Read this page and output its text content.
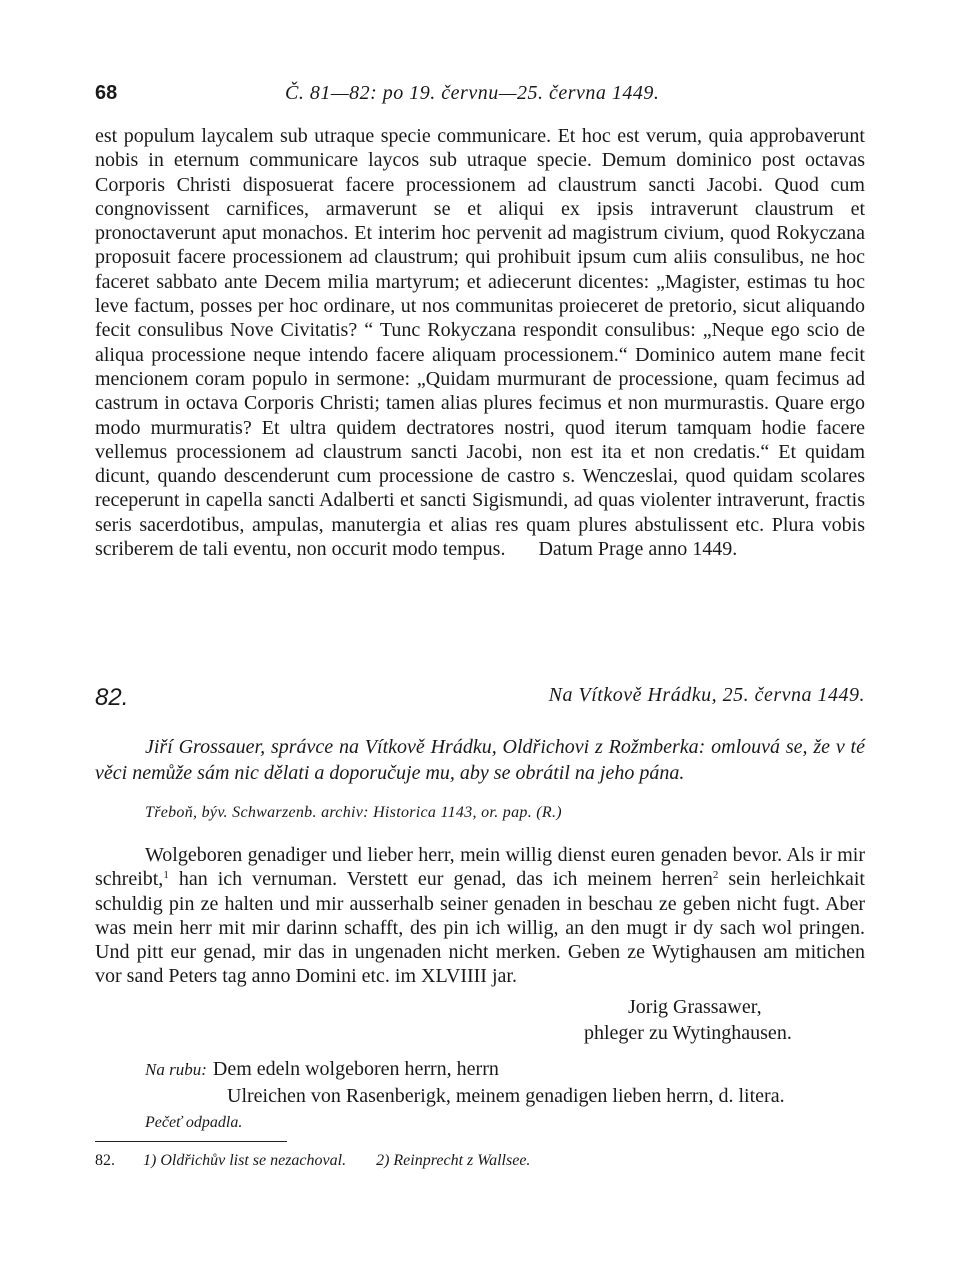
68	Č. 81—82: po 19. červnu—25. června 1449.

est populum laycalem sub utraque specie communicare. Et hoc est verum, quia approbaverunt nobis in eternum communicare laycos sub utraque specie. Demum dominico post octavas Corporis Christi disposuerat facere processionem ad claustrum sancti Jacobi. Quod cum congnovissent carnifices, armaverunt se et aliqui ex ipsis intraverunt claustrum et pronoctaverunt aput monachos. Et interim hoc pervenit ad magistrum civium, quod Rokyczana proposuit facere processionem ad claustrum; qui prohibuit ipsum cum aliis consulibus, ne hoc faceret sabbato ante Decem milia martyrum; et adiecerunt dicentes: „Magister, estimas tu hoc leve factum, posses per hoc ordinare, ut nos communitas proieceret de pretorio, sicut aliquando fecit consulibus Nove Civitatis? “ Tunc Rokyczana respondit consulibus: „Neque ego scio de aliqua processione neque intendo facere aliquam processionem.“ Dominico autem mane fecit mencionem coram populo in sermone: „Quidam murmurant de processione, quam fecimus ad castrum in octava Corporis Christi; tamen alias plures fecimus et non murmurastis. Quare ergo modo murmuratis? Et ultra quidem dectratores nostri, quod iterum tamquam hodie facere vellemus processionem ad claustrum sancti Jacobi, non est ita et non credatis.“ Et quidam dicunt, quando descenderunt cum processione de castro s. Wenczeslai, quod quidam scolares receperunt in capella sancti Adalberti et sancti Sigismundi, ad quas violenter intraverunt, fractis seris sacerdotibus, ampulas, manutergia et alias res quam plures abstulissent etc. Plura vobis scriberem de tali eventu, non occurit modo tempus. Datum Prage anno 1449.

82.	Na Vítkově Hrádku, 25. června 1449.

Jiří Grossauer, správce na Vítkově Hrádku, Oldřichovi z Rožmberka: omlouvá se, že v té věci nemůže sám nic dělati a doporučuje mu, aby se obrátil na jeho pána.

Třeboň, býv. Schwarzenb. archiv: Historica 1143, or. pap. (R.)

Wolgeboren genadiger und lieber herr, mein willig dienst euren genaden bevor. Als ir mir schreibt,$^1$ han ich vernuman. Verstett eur genad, das ich meinem herren$^2$ sein herleichkait schuldig pin ze halten und mir ausserhalb seiner genaden in beschau ze geben nicht fugt. Aber was mein herr mit mir darinn schafft, des pin ich willig, an den mugt ir dy sach wol pringen. Und pitt eur genad, mir das in ungenaden nicht merken. Geben ze Wytighausen am mitichen vor sand Peters tag anno Domini etc. im XLVIIII jar.

Jorig Grassawer,
phleger zu Wytinghausen.
Na rubu: Dem edeln wolgeboren herrn, herrn
Ulreichen von Rasenberigk, meinem genadigen lieben herrn, d. litera.
Pečeť odpadla.
82. 1) Oldřichův list se nezachoval. 2) Reinprecht z Wallsee.
